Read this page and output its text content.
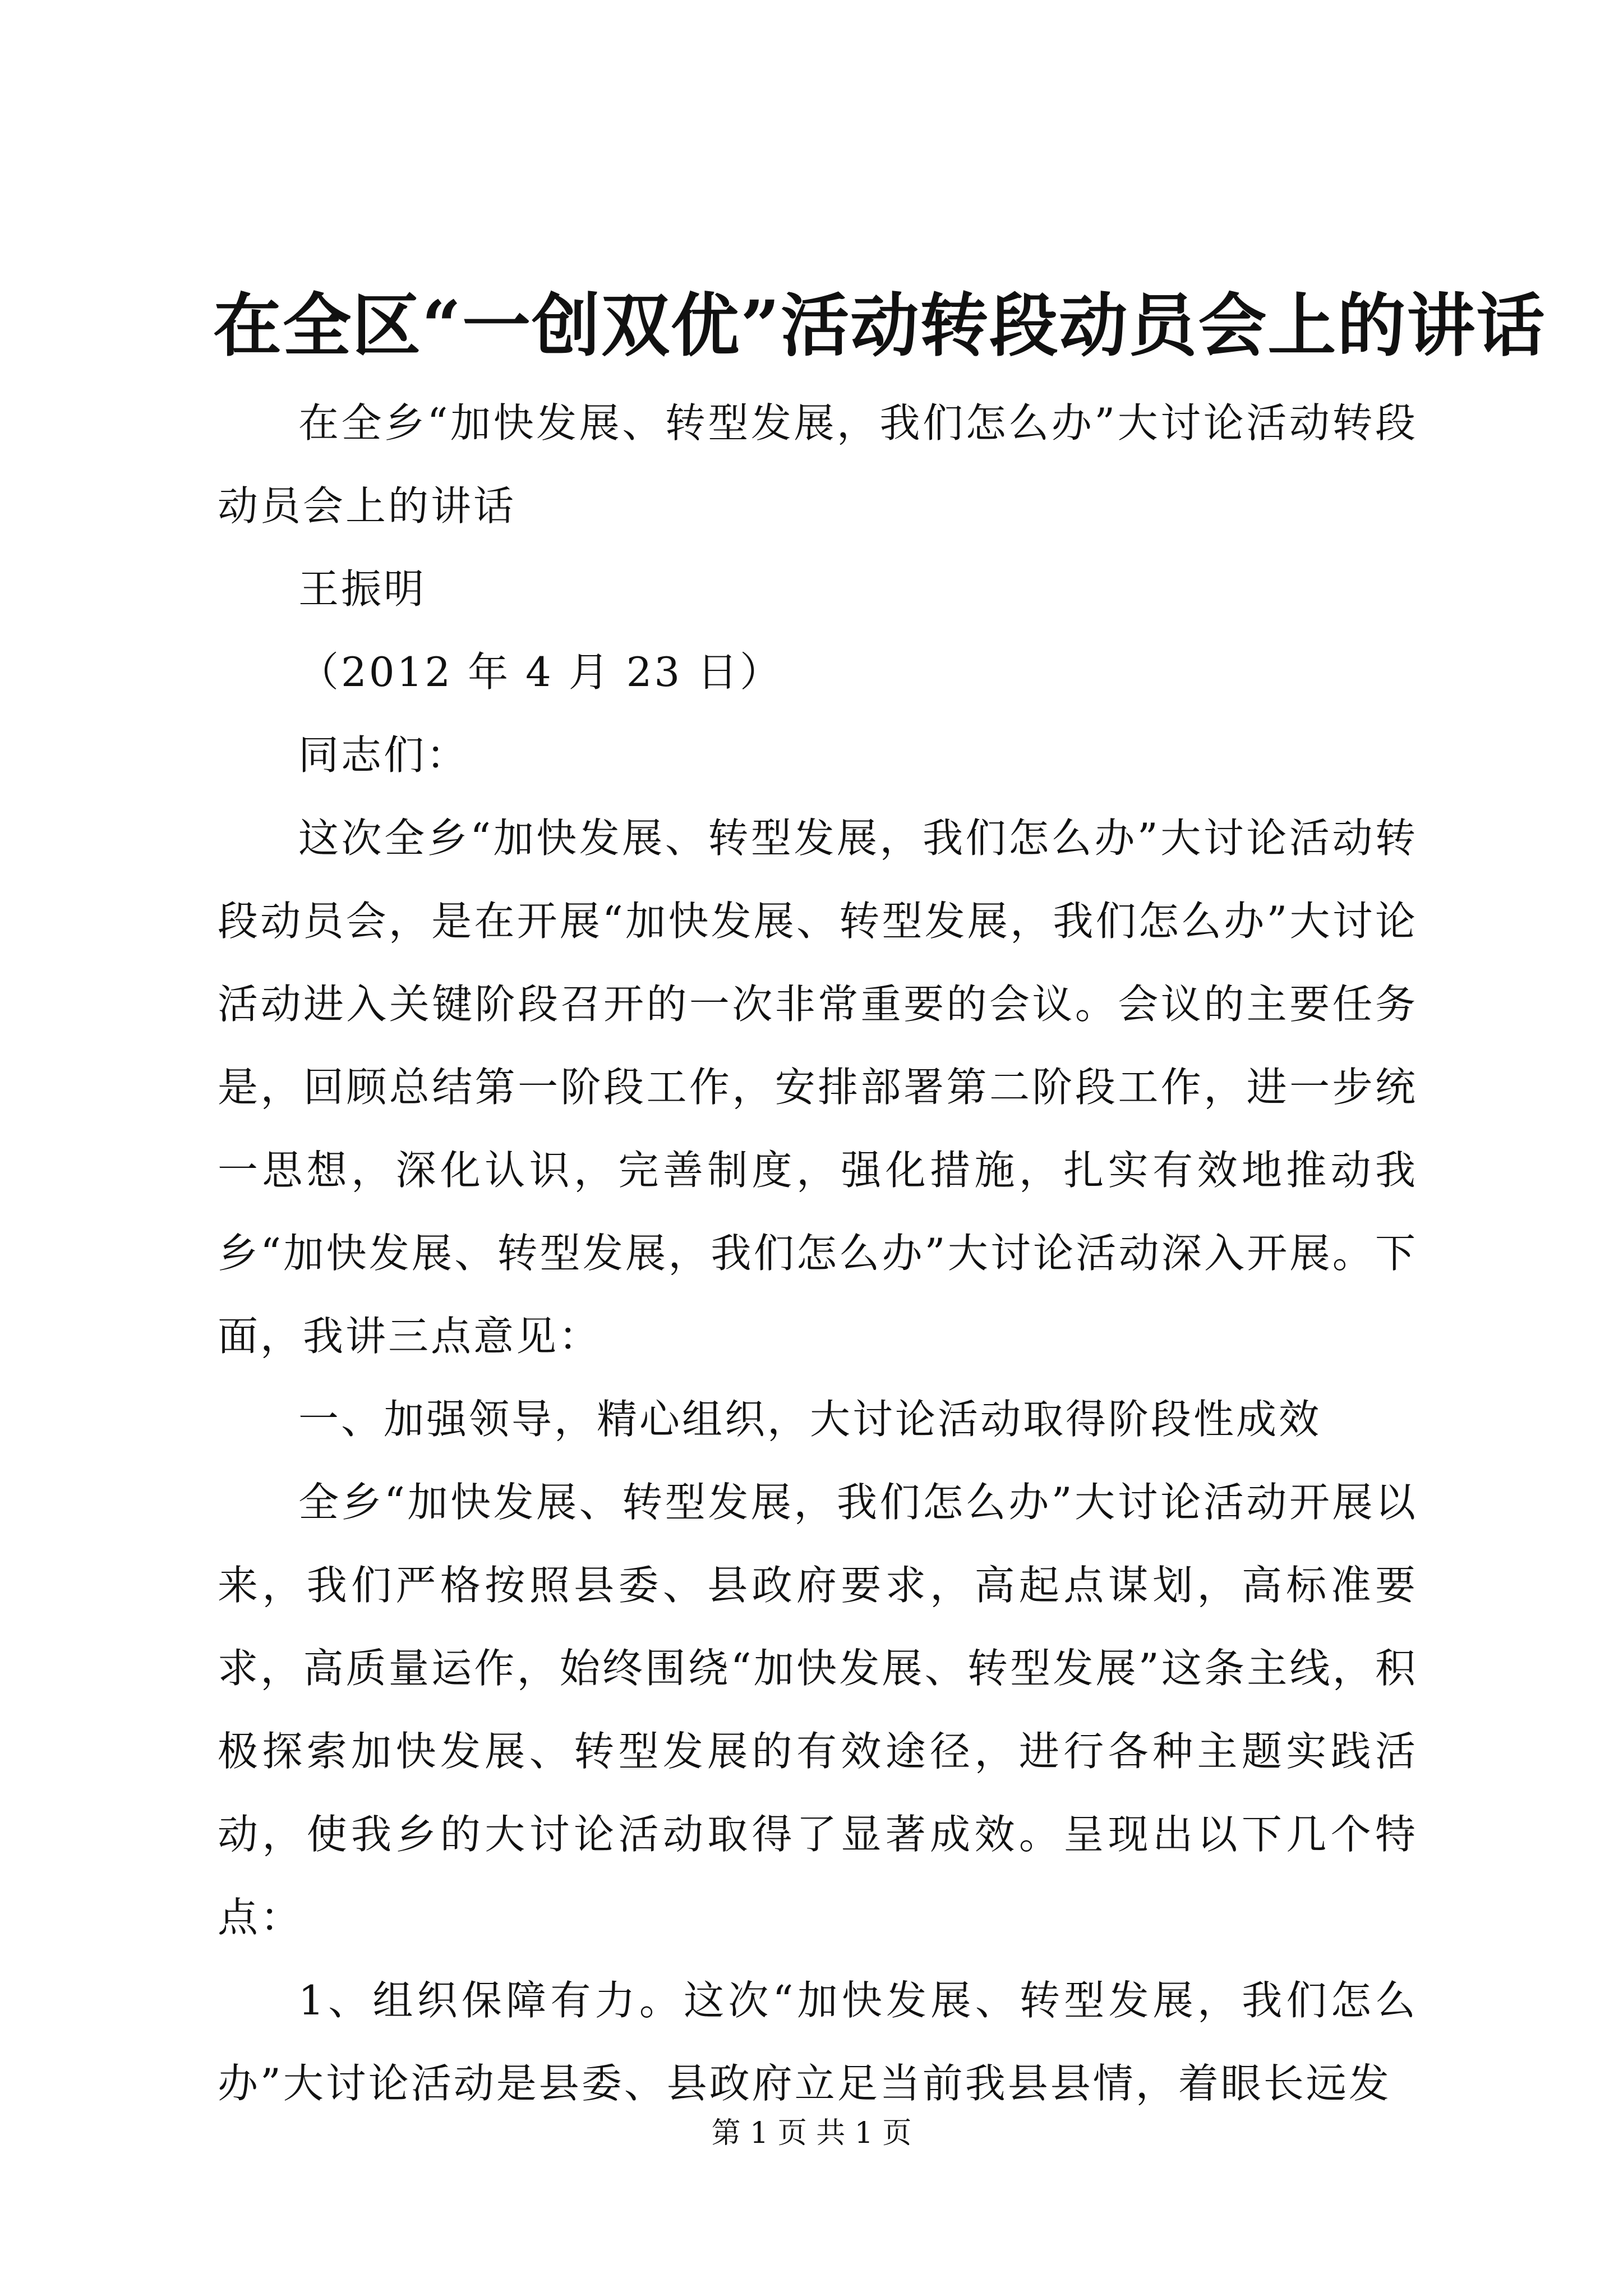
在全区“一创双优”活动转段动员会上的讲话

在全乡“加快发展、转型发展，我们怎么办”大讨论活动转段动员会上的讲话

王振明

（2012 年 4 月 23 日）

同志们：

这次全乡“加快发展、转型发展，我们怎么办”大讨论活动转段动员会，是在开展“加快发展、转型发展，我们怎么办”大讨论活动进入关键阶段召开的一次非常重要的会议。会议的主要任务是，回顾总结第一阶段工作，安排部署第二阶段工作，进一步统一思想，深化认识，完善制度，强化措施，扎实有效地推动我乡“加快发展、转型发展，我们怎么办”大讨论活动深入开展。下面，我讲三点意见：

一、加强领导，精心组织，大讨论活动取得阶段性成效

全乡“加快发展、转型发展，我们怎么办”大讨论活动开展以来，我们严格按照县委、县政府要求，高起点谋划，高标准要求，高质量运作，始终围绕“加快发展、转型发展”这条主线，积极探索加快发展、转型发展的有效途径，进行各种主题实践活动，使我乡的大讨论活动取得了显著成效。呈现出以下几个特点：

1、组织保障有力。这次“加快发展、转型发展，我们怎么办”大讨论活动是县委、县政府立足当前我县县情，着眼长远发

第 1 页 共 1 页
